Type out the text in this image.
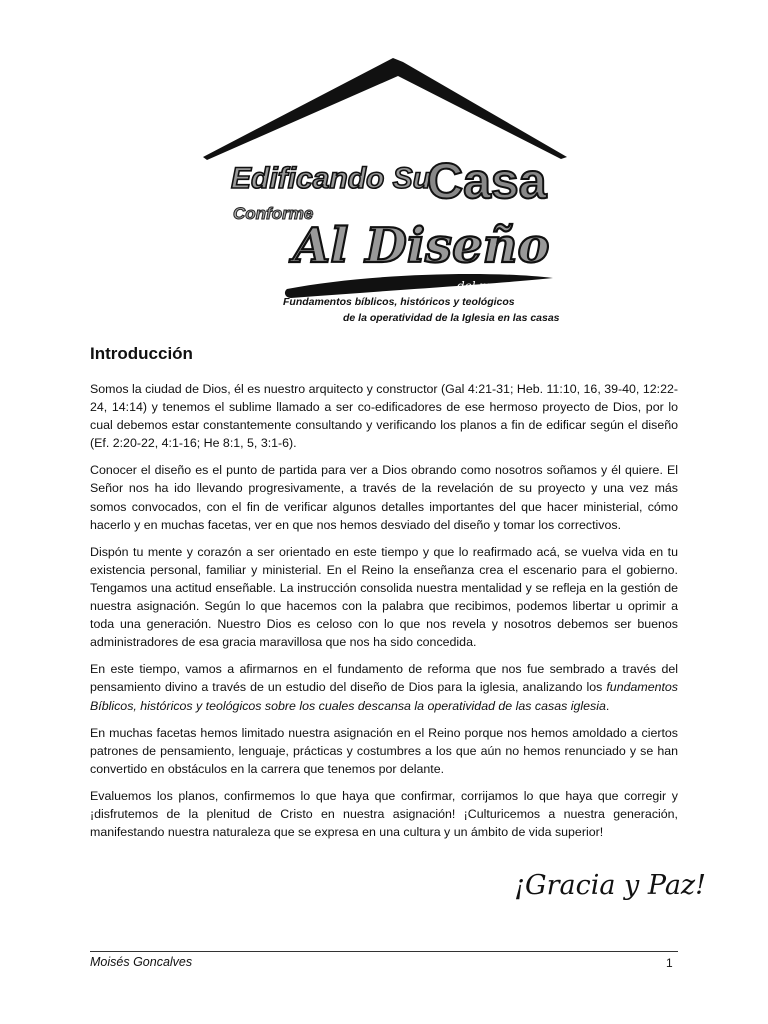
Edificando Su
Casa
Conforme
Al Diseño
del nuevo Pacto
Fundamentos bíblicos, históricos y teológicos
de la operatividad de la Iglesia en las casas
Introducción

Somos la ciudad de Dios, él es nuestro arquitecto y constructor (Gal 4:21-31; Heb. 11:10, 16, 39-40, 12:22-24, 14:14) y tenemos el sublime llamado a ser co-edificadores de ese hermoso proyecto de Dios, por lo cual debemos estar constantemente consultando y verificando los planos a fin de edificar según el diseño (Ef. 2:20-22, 4:1-16; He 8:1, 5, 3:1-6).

Conocer el diseño es el punto de partida para ver a Dios obrando como nosotros soñamos y él quiere. El Señor nos ha ido llevando progresivamente, a través de la revelación de su proyecto y una vez más somos convocados, con el fin de verificar algunos detalles importantes del que hacer ministerial, cómo hacerlo y en muchas facetas, ver en que nos hemos desviado del diseño y tomar los correctivos.

Dispón tu mente y corazón a ser orientado en este tiempo y que lo reafirmado acá, se vuelva vida en tu existencia personal, familiar y ministerial. En el Reino la enseñanza crea el escenario para el gobierno. Tengamos una actitud enseñable. La instrucción consolida nuestra mentalidad y se refleja en la gestión de nuestra asignación. Según lo que hacemos con la palabra que recibimos, podemos libertar u oprimir a toda una generación. Nuestro Dios es celoso con lo que nos revela y nosotros debemos ser buenos administradores de esa gracia maravillosa que nos ha sido concedida.

En este tiempo, vamos a afirmarnos en el fundamento de reforma que nos fue sembrado a través del pensamiento divino a través de un estudio del diseño de Dios para la iglesia, analizando los fundamentos Bíblicos, históricos y teológicos sobre los cuales descansa la operatividad de las casas iglesia.

En muchas facetas hemos limitado nuestra asignación en el Reino porque nos hemos amoldado a ciertos patrones de pensamiento, lenguaje, prácticas y costumbres a los que aún no hemos renunciado y se han convertido en obstáculos en la carrera que tenemos por delante.

Evaluemos los planos, confirmemos lo que haya que confirmar, corrijamos lo que haya que corregir y ¡disfrutemos de la plenitud de Cristo en nuestra asignación! ¡Culturicemos a nuestra generación, manifestando nuestra naturaleza que se expresa en una cultura y un ámbito de vida superior!

¡Gracia y Paz!
Moisés Goncalves	1
